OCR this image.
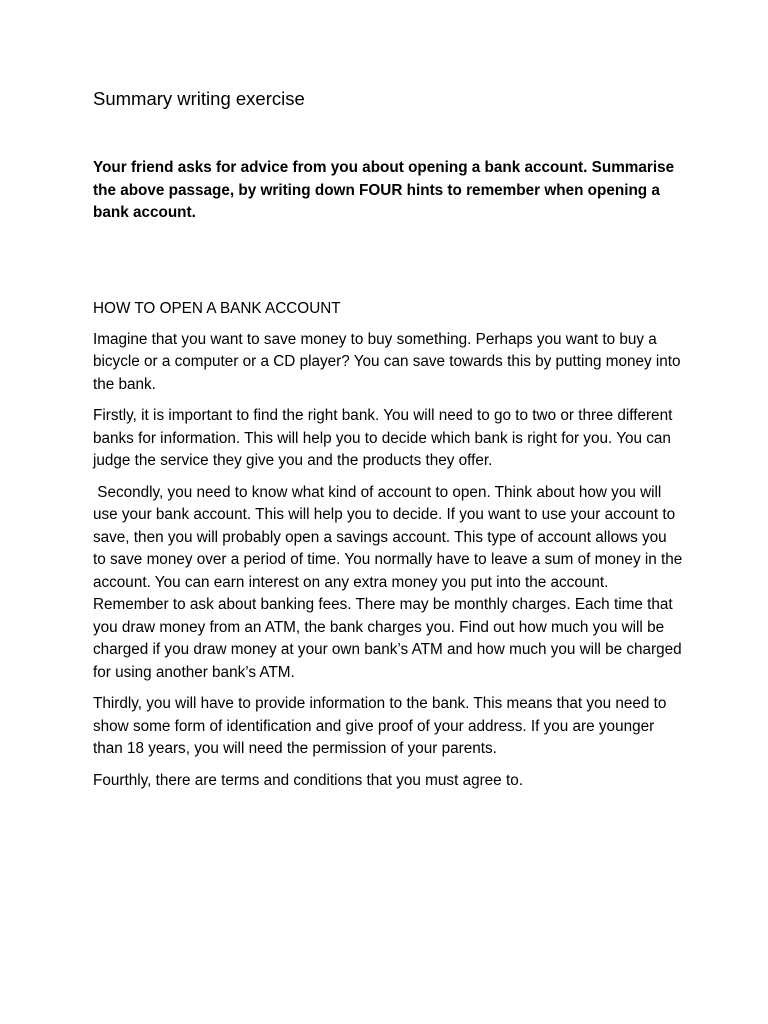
Summary writing exercise

Your friend asks for advice from you about opening a bank account. Summarise the above passage, by writing down FOUR hints to remember when opening a bank account.

HOW TO OPEN A BANK ACCOUNT

Imagine that you want to save money to buy something. Perhaps you want to buy a bicycle or a computer or a CD player? You can save towards this by putting money into the bank.

Firstly, it is important to find the right bank. You will need to go to two or three different banks for information. This will help you to decide which bank is right for you. You can judge the service they give you and the products they offer.

Secondly, you need to know what kind of account to open. Think about how you will use your bank account. This will help you to decide. If you want to use your account to save, then you will probably open a savings account. This type of account allows you to save money over a period of time. You normally have to leave a sum of money in the account. You can earn interest on any extra money you put into the account. Remember to ask about banking fees. There may be monthly charges. Each time that you draw money from an ATM, the bank charges you. Find out how much you will be charged if you draw money at your own bank’s ATM and how much you will be charged for using another bank’s ATM.

Thirdly, you will have to provide information to the bank. This means that you need to show some form of identification and give proof of your address. If you are younger than 18 years, you will need the permission of your parents.

Fourthly, there are terms and conditions that you must agree to.
